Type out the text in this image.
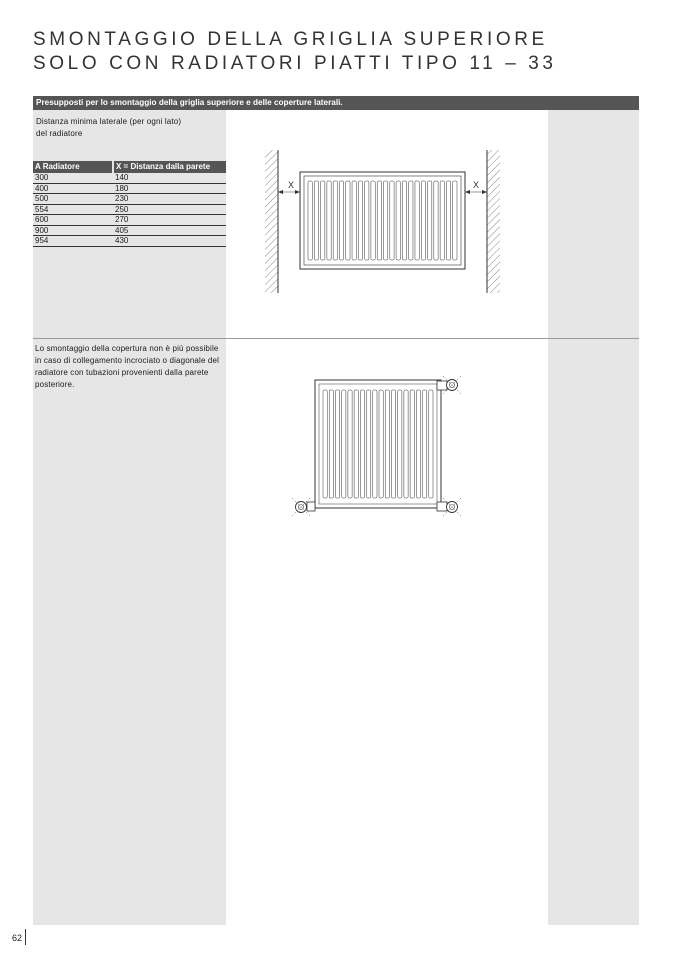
SMONTAGGIO DELLA GRIGLIA SUPERIORE
SOLO CON RADIATORI PIATTI TIPO 11 – 33
Presupposti per lo smontaggio della griglia superiore e delle coperture laterali.
Distanza minima laterale (per ogni lato)
del radiatore
A Radiatore	X = Distanza dalla parete
300	140
400	180
500	230
554	250
600	270
900	405
954	430
X	X
Lo smontaggio della copertura non è più possibile
in caso di collegamento incrociato o diagonale del
radiatore con tubazioni provenienti dalla parete
posteriore.
62
